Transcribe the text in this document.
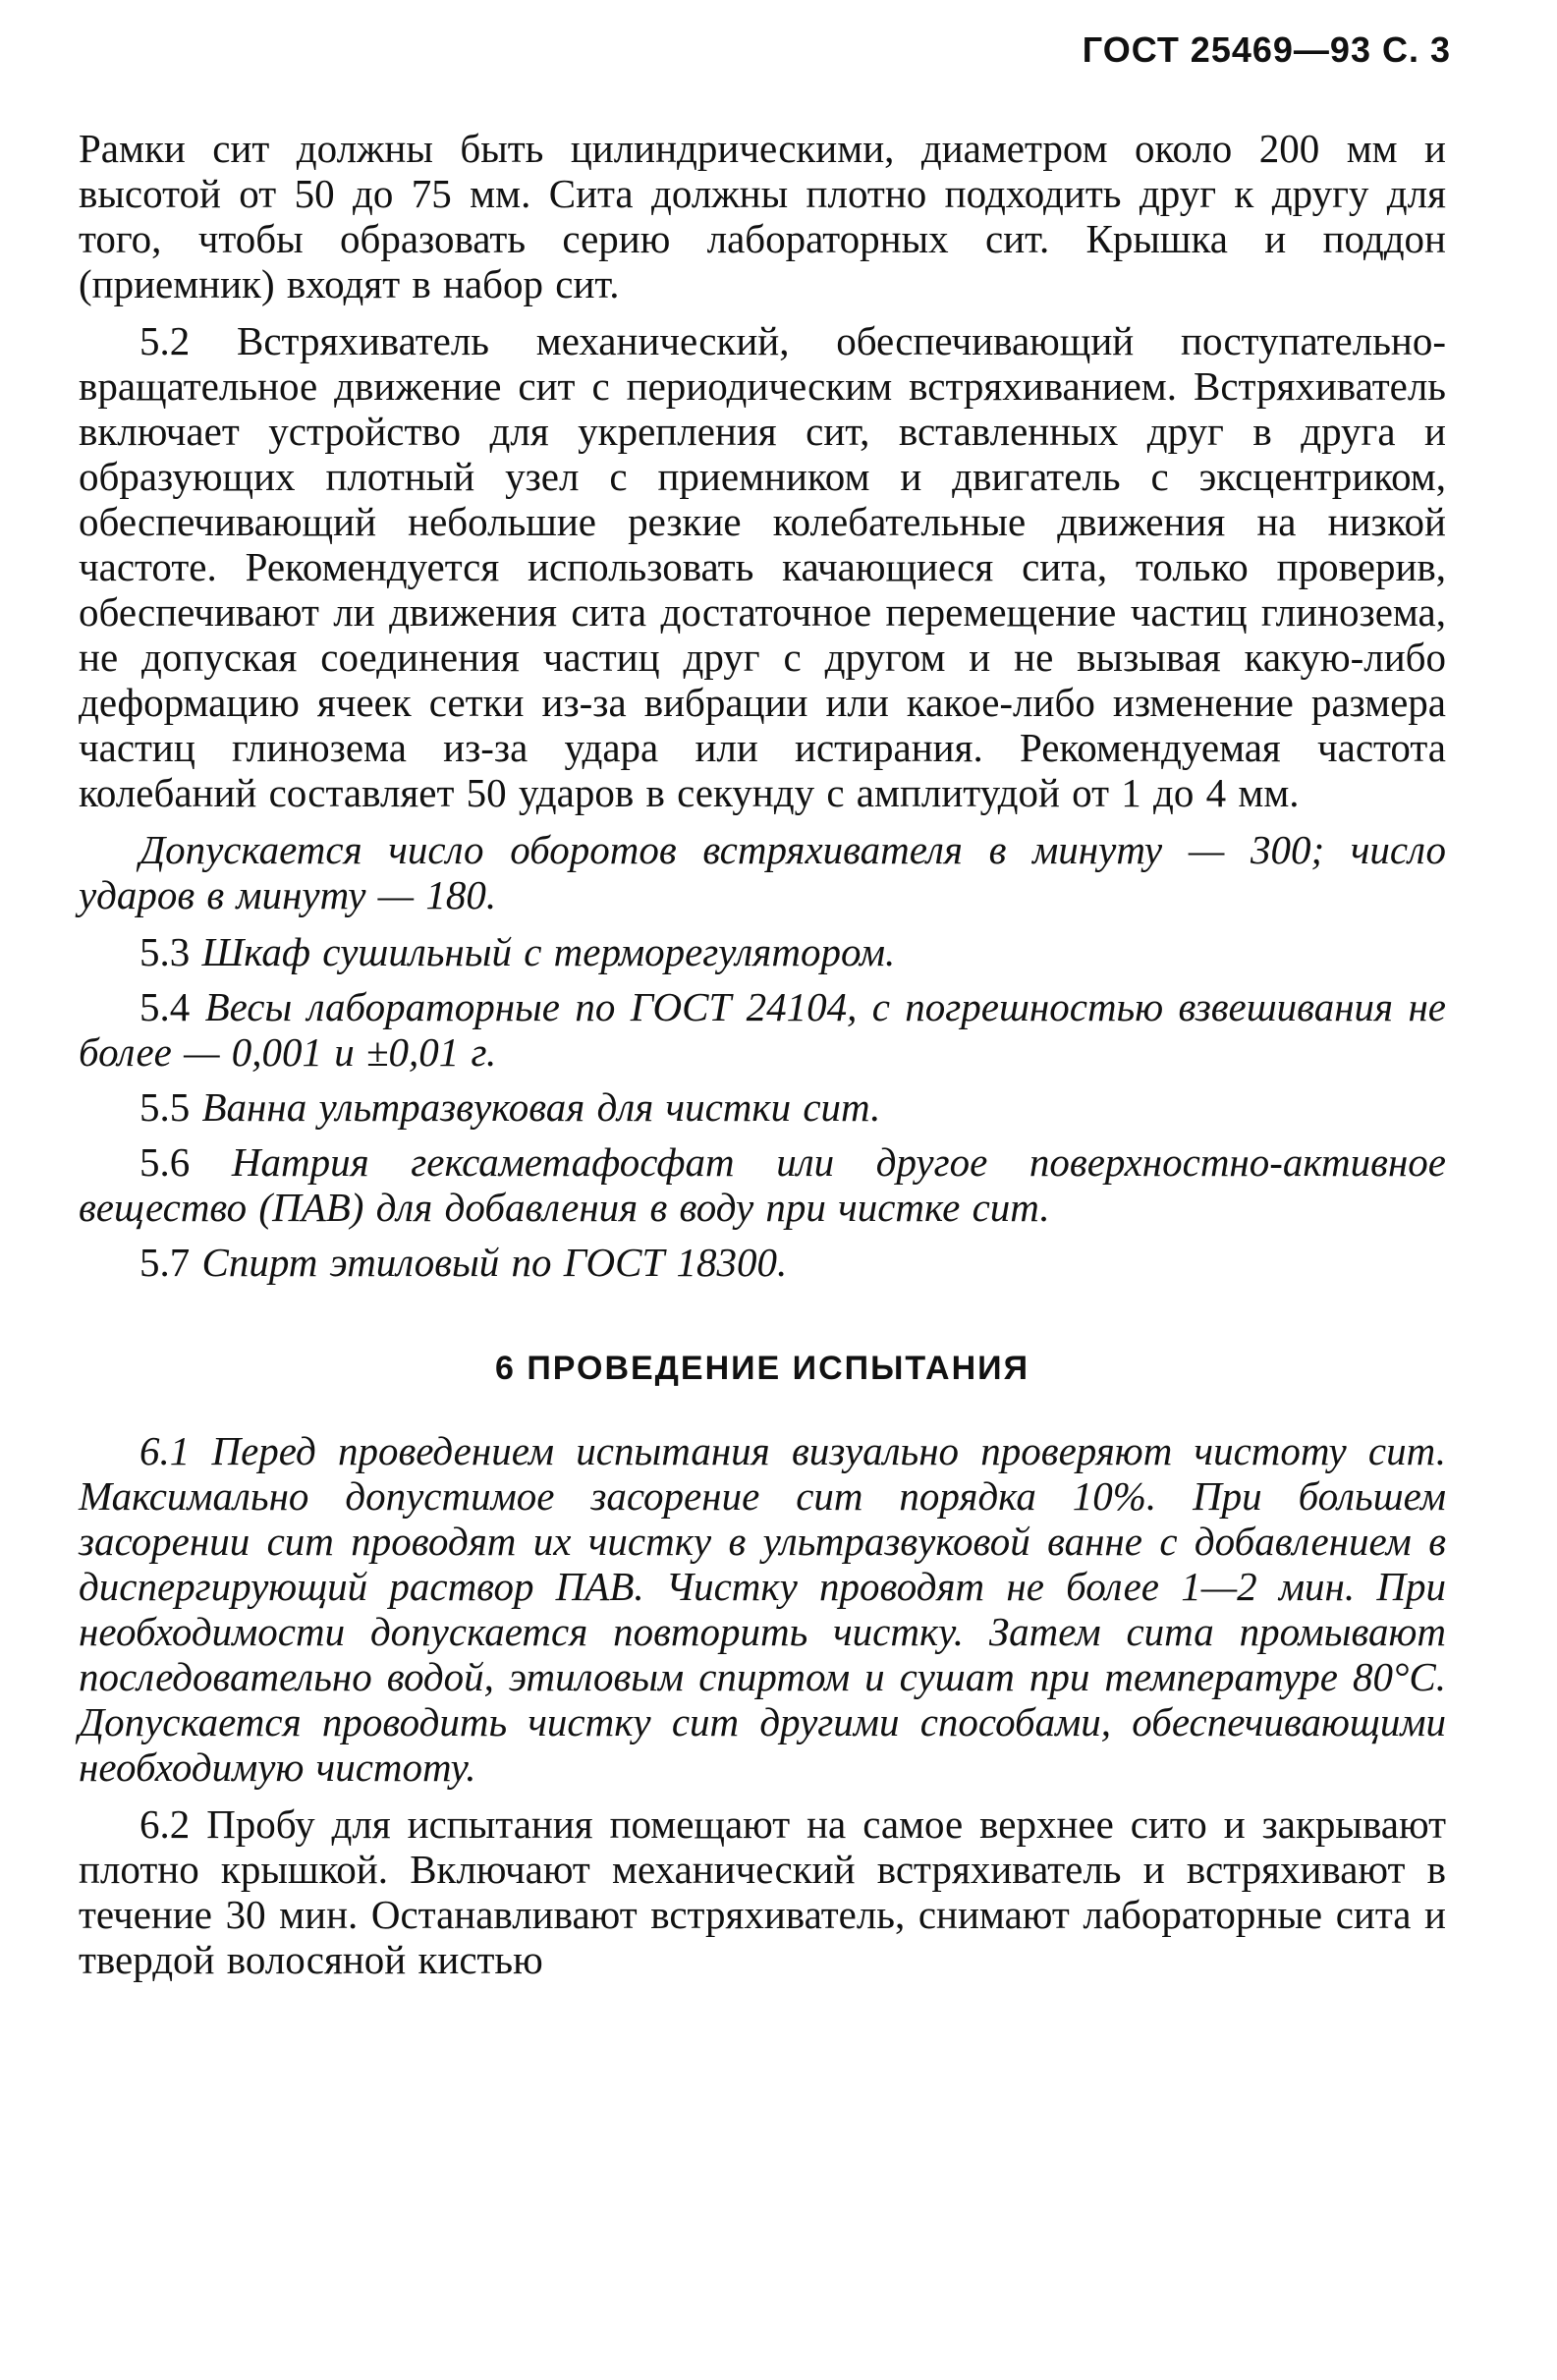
ГОСТ 25469—93 С. 3

Рамки сит должны быть цилиндрическими, диаметром около 200 мм и высотой от 50 до 75 мм. Сита должны плотно подходить друг к другу для того, чтобы образовать серию лабораторных сит. Крышка и поддон (приемник) входят в набор сит.

5.2 Встряхиватель механический, обеспечивающий поступательно-вращательное движение сит с периодическим встряхиванием. Встряхиватель включает устройство для укрепления сит, вставленных друг в друга и образующих плотный узел с приемником и двигатель с эксцентриком, обеспечивающий небольшие резкие колебательные движения на низкой частоте. Рекомендуется использовать качающиеся сита, только проверив, обеспечивают ли движения сита достаточное перемещение частиц глинозема, не допуская соединения частиц друг с другом и не вызывая какую-либо деформацию ячеек сетки из-за вибрации или какое-либо изменение размера частиц глинозема из-за удара или истирания. Рекомендуемая частота колебаний составляет 50 ударов в секунду с амплитудой от 1 до 4 мм.

Допускается число оборотов встряхивателя в минуту — 300; число ударов в минуту — 180.

5.3 Шкаф сушильный с терморегулятором.

5.4 Весы лабораторные по ГОСТ 24104, с погрешностью взвешивания не более — 0,001 и ±0,01 г.

5.5 Ванна ультразвуковая для чистки сит.

5.6 Натрия гексаметафосфат или другое поверхностно-активное вещество (ПАВ) для добавления в воду при чистке сит.

5.7 Спирт этиловый по ГОСТ 18300.

6 ПРОВЕДЕНИЕ ИСПЫТАНИЯ

6.1 Перед проведением испытания визуально проверяют чистоту сит. Максимально допустимое засорение сит порядка 10%. При большем засорении сит проводят их чистку в ультразвуковой ванне с добавлением в диспергирующий раствор ПАВ. Чистку проводят не более 1—2 мин. При необходимости допускается повторить чистку. Затем сита промывают последовательно водой, этиловым спиртом и сушат при температуре 80°С. Допускается проводить чистку сит другими способами, обеспечивающими необходимую чистоту.

6.2 Пробу для испытания помещают на самое верхнее сито и закрывают плотно крышкой. Включают механический встряхиватель и встряхивают в течение 30 мин. Останавливают встряхиватель, снимают лабораторные сита и твердой волосяной кистью
